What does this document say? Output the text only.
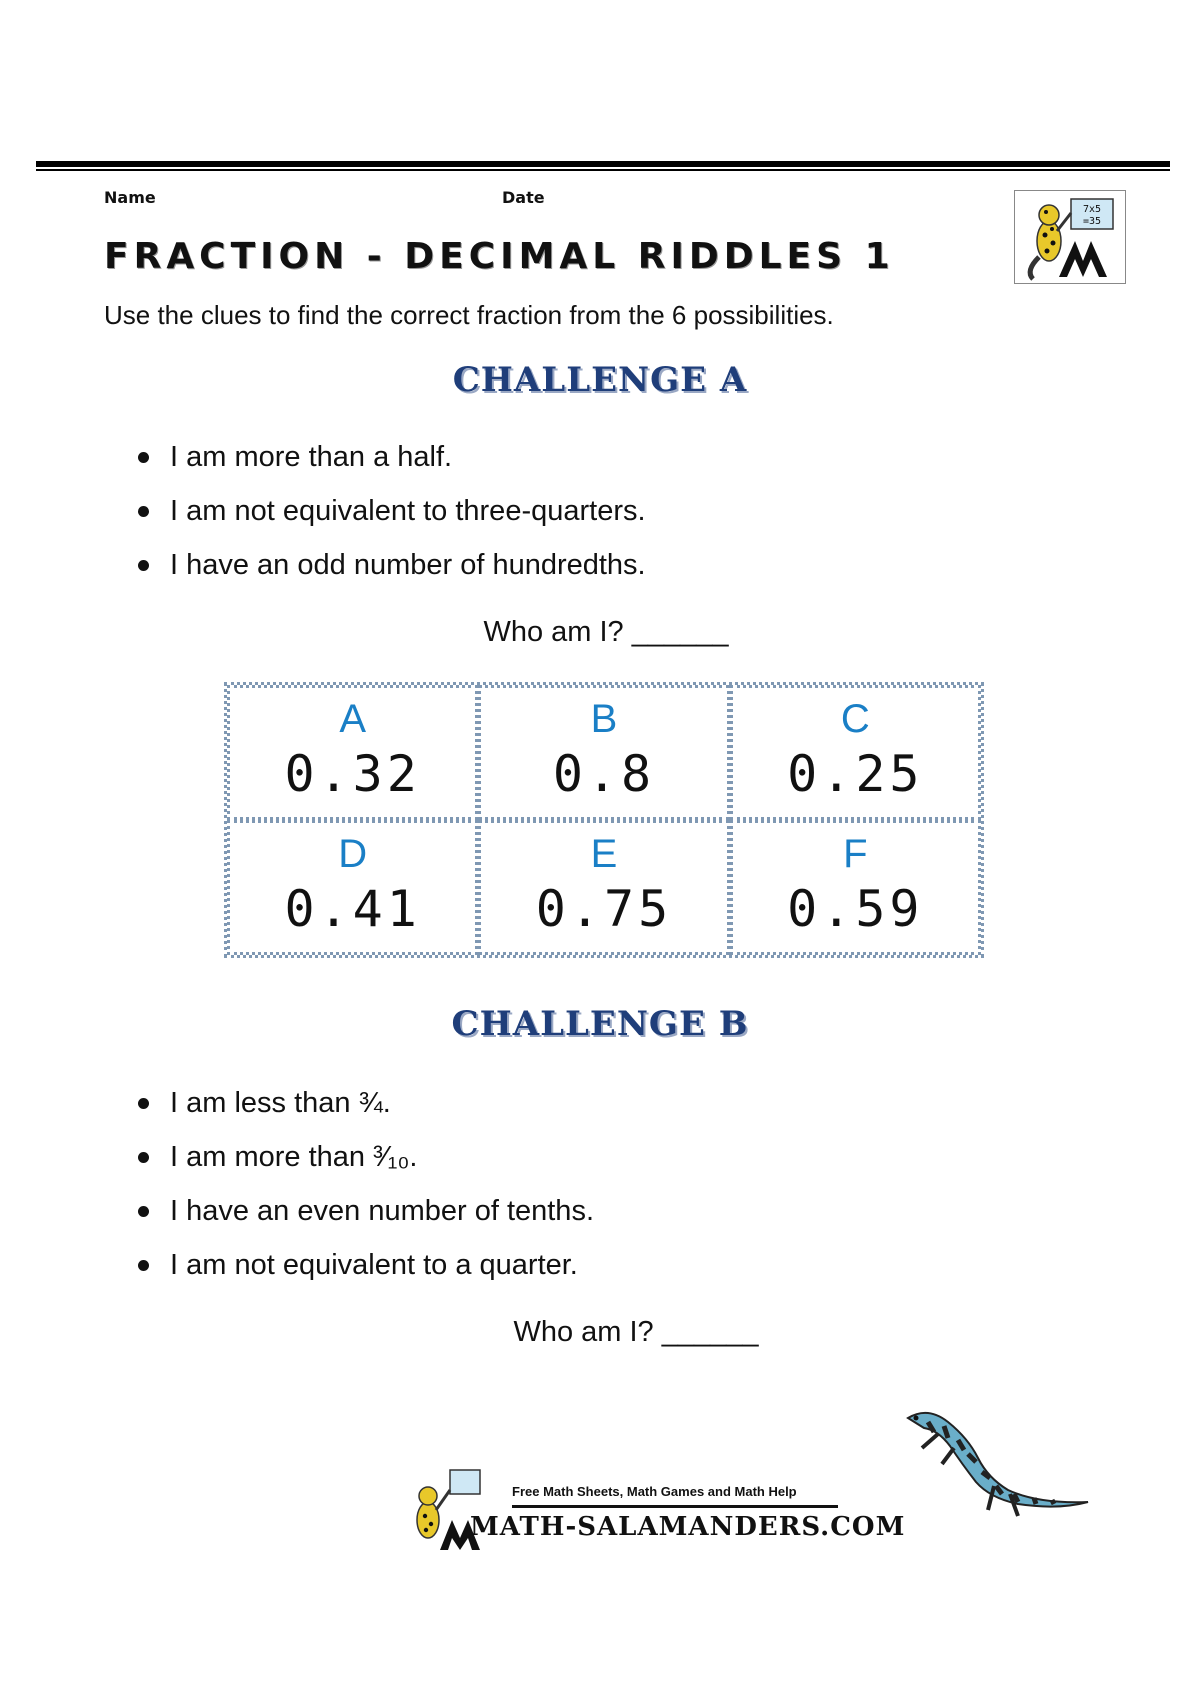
Name	Date
FRACTION - DECIMAL RIDDLES 1
7x5
=35
Use the clues to find the correct fraction from the 6 possibilities.
CHALLENGE A
I am more than a half.
I am not equivalent to three-quarters.
I have an odd number of hundredths.
Who am I? ______
A
0.32
B
0.8
C
0.25
D
0.41
E
0.75
F
0.59
CHALLENGE B
I am less than ¾.
I am more than ³⁄₁₀.
I have an even number of tenths.
I am not equivalent to a quarter.
Who am I? ______
Free Math Sheets, Math Games and Math Help
MATH-SALAMANDERS.COM
